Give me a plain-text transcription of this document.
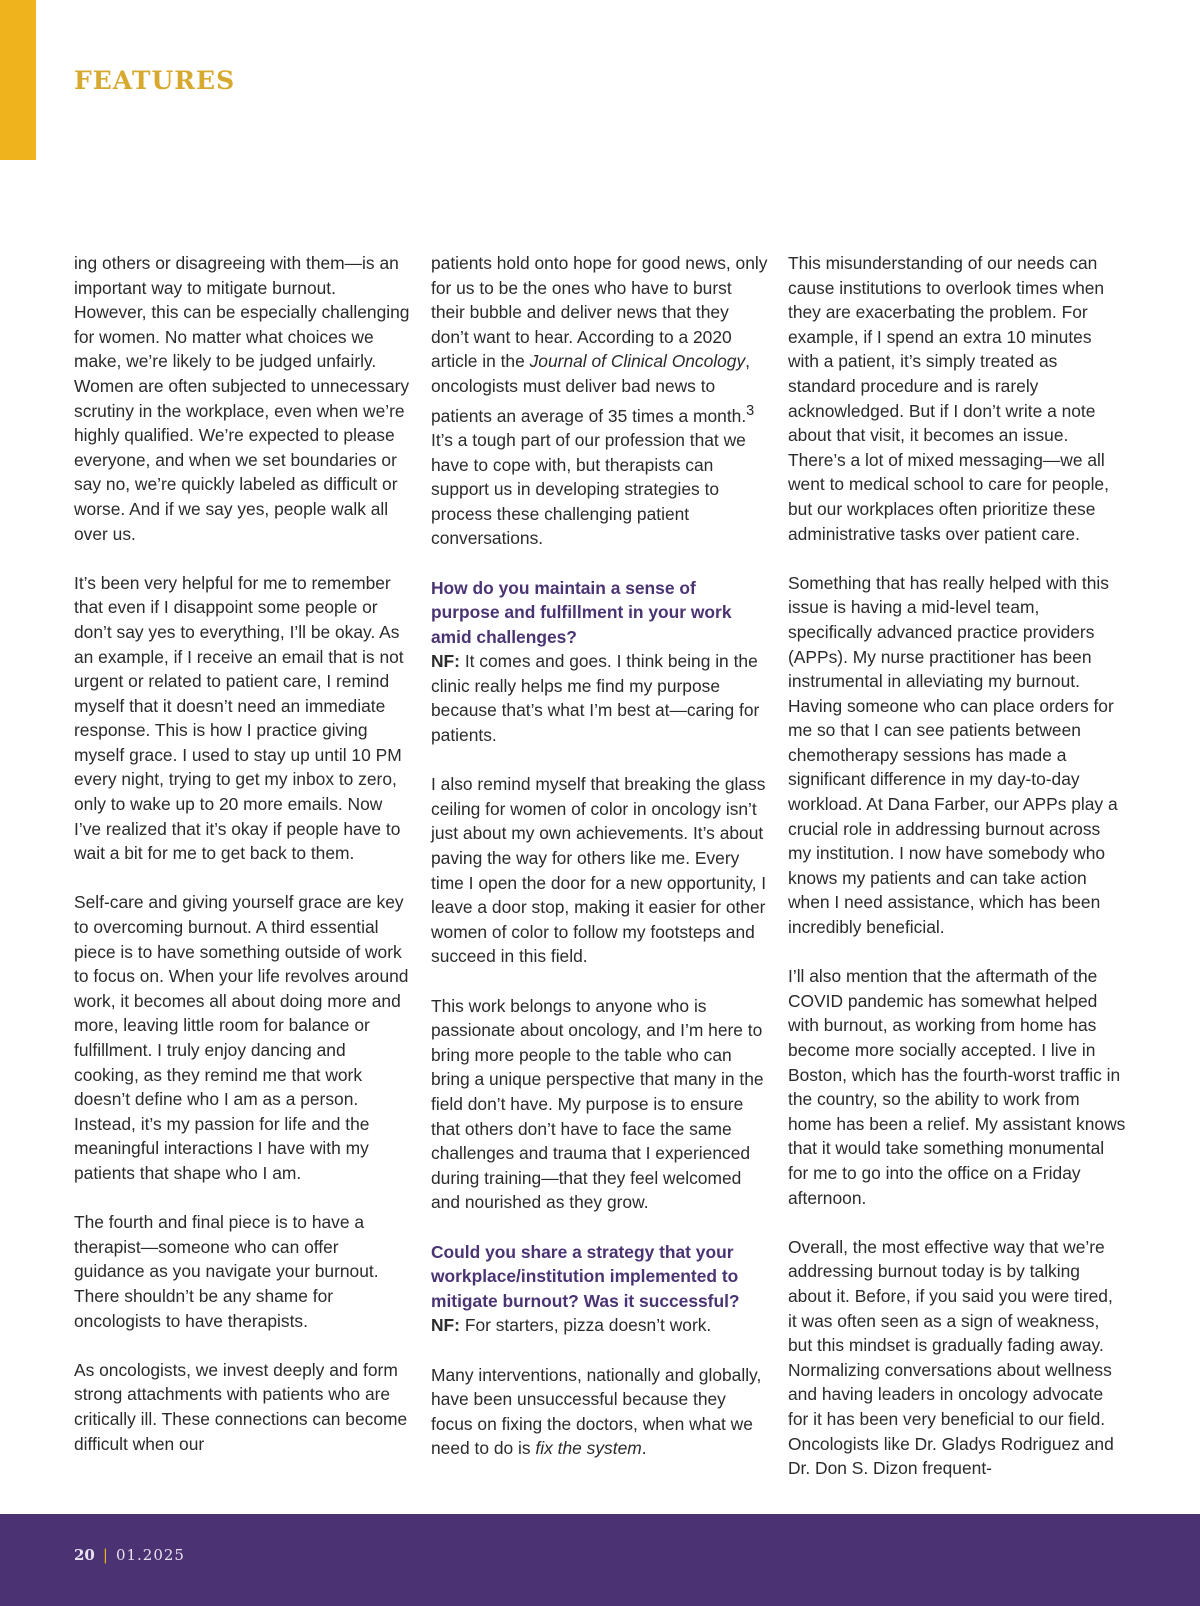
FEATURES

ing others or disagreeing with them—is an important way to mitigate burnout. However, this can be especially challenging for women. No matter what choices we make, we’re likely to be judged unfairly. Women are often subjected to unnecessary scrutiny in the workplace, even when we’re highly qualified. We’re expected to please everyone, and when we set boundaries or say no, we’re quickly labeled as difficult or worse. And if we say yes, people walk all over us.

It’s been very helpful for me to remember that even if I disappoint some people or don’t say yes to everything, I’ll be okay. As an example, if I receive an email that is not urgent or related to patient care, I remind myself that it doesn’t need an immediate response. This is how I practice giving myself grace. I used to stay up until 10 PM every night, trying to get my inbox to zero, only to wake up to 20 more emails. Now I’ve realized that it’s okay if people have to wait a bit for me to get back to them.

Self-care and giving yourself grace are key to overcoming burnout. A third essential piece is to have something outside of work to focus on. When your life revolves around work, it becomes all about doing more and more, leaving little room for balance or fulfillment. I truly enjoy dancing and cooking, as they remind me that work doesn’t define who I am as a person. Instead, it’s my passion for life and the meaningful interactions I have with my patients that shape who I am.

The fourth and final piece is to have a therapist—someone who can offer guidance as you navigate your burnout. There shouldn’t be any shame for oncologists to have therapists.

As oncologists, we invest deeply and form strong attachments with patients who are critically ill. These connections can become difficult when our

patients hold onto hope for good news, only for us to be the ones who have to burst their bubble and deliver news that they don’t want to hear. According to a 2020 article in the Journal of Clinical Oncology, oncologists must deliver bad news to patients an average of 35 times a month.$^3$ It’s a tough part of our profession that we have to cope with, but therapists can support us in developing strategies to process these challenging patient conversations.

How do you maintain a sense of purpose and fulfillment in your work amid challenges?
NF: It comes and goes. I think being in the clinic really helps me find my purpose because that’s what I’m best at—caring for patients.

I also remind myself that breaking the glass ceiling for women of color in oncology isn’t just about my own achievements. It’s about paving the way for others like me. Every time I open the door for a new opportunity, I leave a door stop, making it easier for other women of color to follow my footsteps and succeed in this field.

This work belongs to anyone who is passionate about oncology, and I’m here to bring more people to the table who can bring a unique perspective that many in the field don’t have. My purpose is to ensure that others don’t have to face the same challenges and trauma that I experienced during training—that they feel welcomed and nourished as they grow.

Could you share a strategy that your workplace/institution implemented to mitigate burnout? Was it successful?
NF: For starters, pizza doesn’t work.

Many interventions, nationally and globally, have been unsuccessful because they focus on fixing the doctors, when what we need to do is fix the system.

This misunderstanding of our needs can cause institutions to overlook times when they are exacerbating the problem. For example, if I spend an extra 10 minutes with a patient, it’s simply treated as standard procedure and is rarely acknowledged. But if I don’t write a note about that visit, it becomes an issue. There’s a lot of mixed messaging—we all went to medical school to care for people, but our workplaces often prioritize these administrative tasks over patient care.

Something that has really helped with this issue is having a mid-level team, specifically advanced practice providers (APPs). My nurse practitioner has been instrumental in alleviating my burnout. Having someone who can place orders for me so that I can see patients between chemotherapy sessions has made a significant difference in my day-to-day workload. At Dana Farber, our APPs play a crucial role in addressing burnout across my institution. I now have somebody who knows my patients and can take action when I need assistance, which has been incredibly beneficial.

I’ll also mention that the aftermath of the COVID pandemic has somewhat helped with burnout, as working from home has become more socially accepted. I live in Boston, which has the fourth-worst traffic in the country, so the ability to work from home has been a relief. My assistant knows that it would take something monumental for me to go into the office on a Friday afternoon.

Overall, the most effective way that we’re addressing burnout today is by talking about it. Before, if you said you were tired, it was often seen as a sign of weakness, but this mindset is gradually fading away. Normalizing conversations about wellness and having leaders in oncology advocate for it has been very beneficial to our field. Oncologists like Dr. Gladys Rodriguez and Dr. Don S. Dizon frequent-

20 | 01.2025
